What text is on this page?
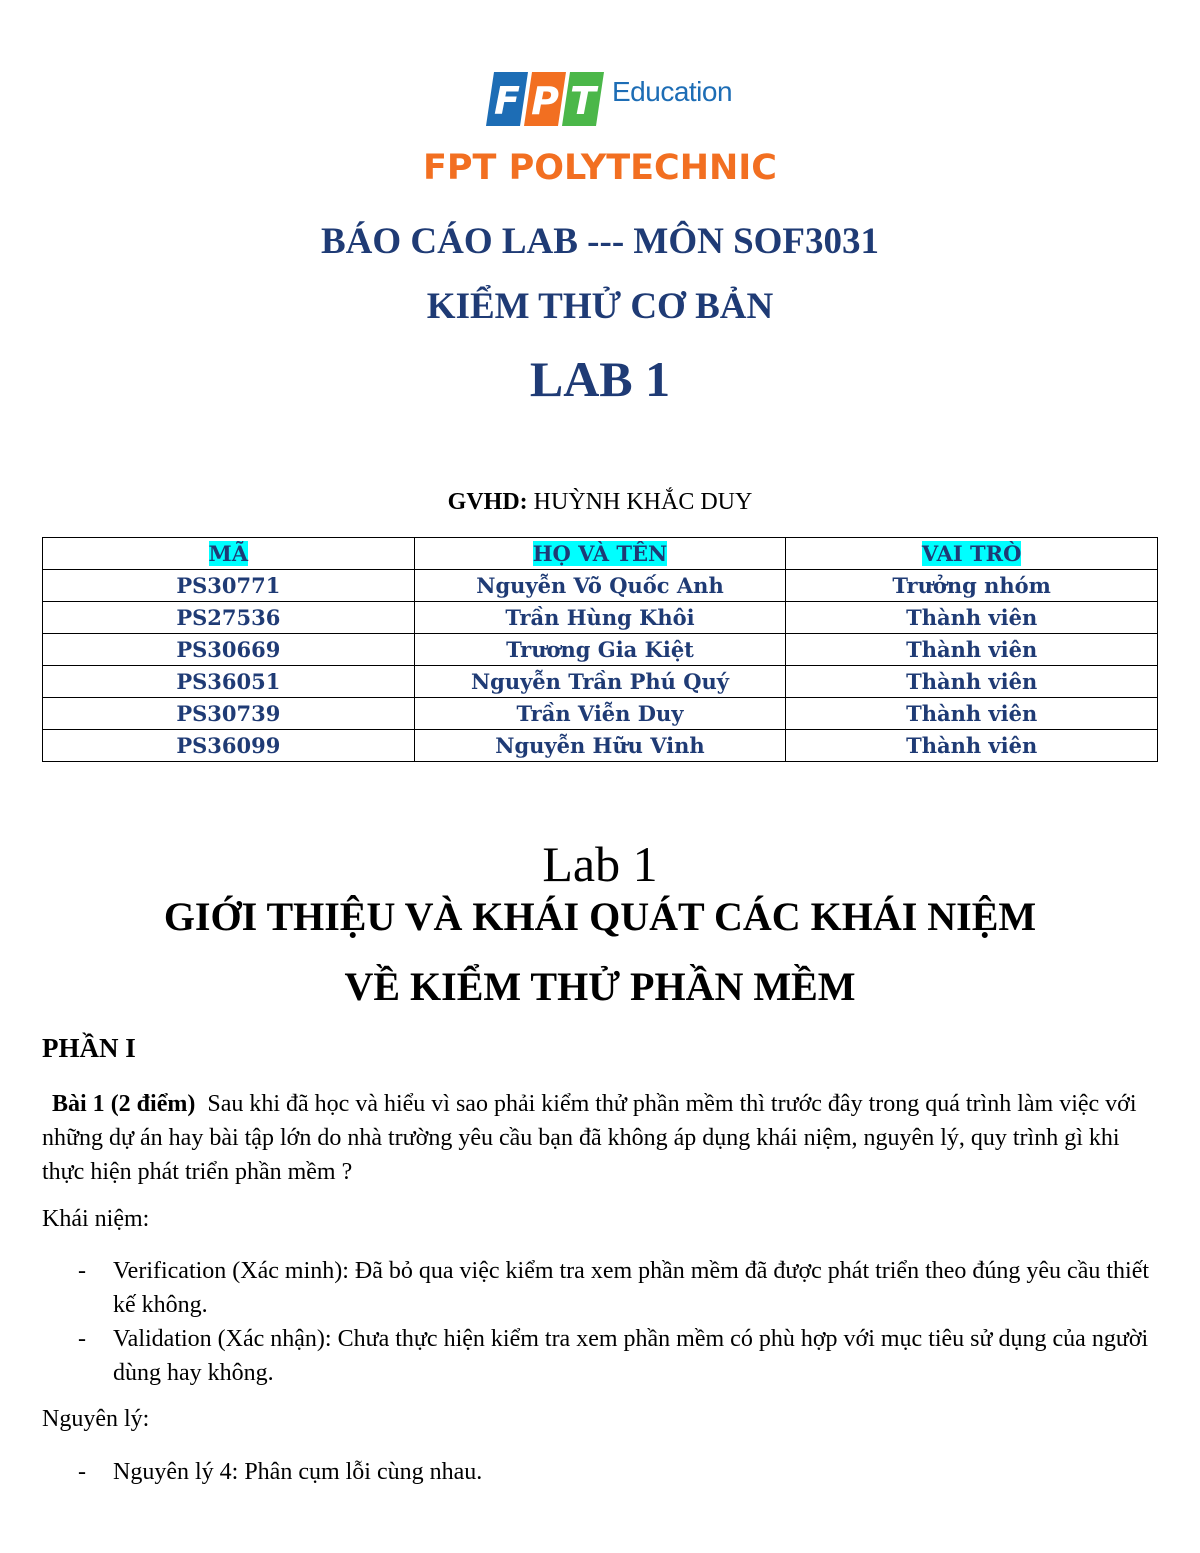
F P T Education
FPT POLYTECHNIC
BÁO CÁO LAB --- MÔN SOF3031
KIỂM THỬ CƠ BẢN
LAB 1
GVHD: HUỲNH KHẮC DUY
MÃ	HỌ VÀ TÊN	VAI TRÒ
PS30771	Nguyễn Võ Quốc Anh	Trưởng nhóm
PS27536	Trần Hùng Khôi	Thành viên
PS30669	Trương Gia Kiệt	Thành viên
PS36051	Nguyễn Trần Phú Quý	Thành viên
PS30739	Trần Viễn Duy	Thành viên
PS36099	Nguyễn Hữu Vinh	Thành viên
Lab 1
GIỚI THIỆU VÀ KHÁI QUÁT CÁC KHÁI NIỆM
VỀ KIỂM THỬ PHẦN MỀM
PHẦN I
Bài 1 (2 điểm) Sau khi đã học và hiểu vì sao phải kiểm thử phần mềm thì trước đây trong quá trình làm việc với những dự án hay bài tập lớn do nhà trường yêu cầu bạn đã không áp dụng khái niệm, nguyên lý, quy trình gì khi thực hiện phát triển phần mềm ?
Khái niệm:
- Verification (Xác minh): Đã bỏ qua việc kiểm tra xem phần mềm đã được phát triển theo đúng yêu cầu thiết kế không.
- Validation (Xác nhận): Chưa thực hiện kiểm tra xem phần mềm có phù hợp với mục tiêu sử dụng của người dùng hay không.
Nguyên lý:
- Nguyên lý 4: Phân cụm lỗi cùng nhau.
